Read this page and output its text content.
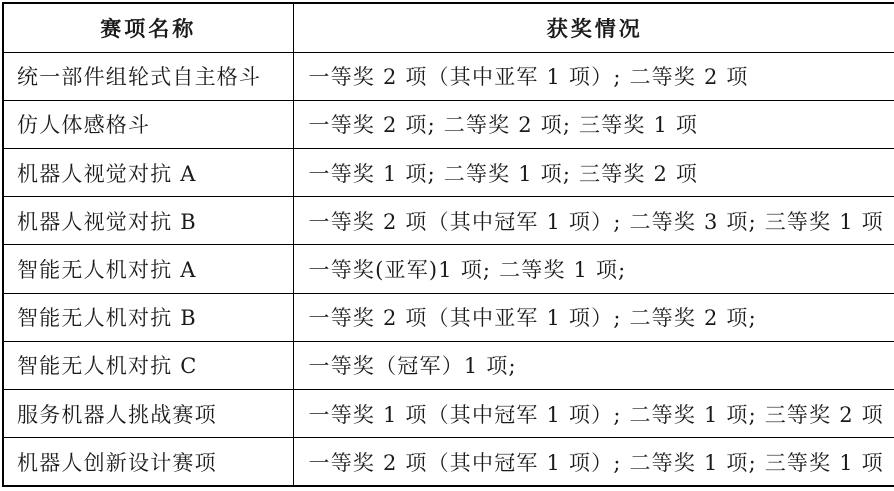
赛项名称	获奖情况
统一部件组轮式自主格斗	一等奖 2 项（其中亚军 1 项）; 二等奖 2 项
仿人体感格斗	一等奖 2 项; 二等奖 2 项; 三等奖 1 项
机器人视觉对抗 A	一等奖 1 项; 二等奖 1 项; 三等奖 2 项
机器人视觉对抗 B	一等奖 2 项（其中冠军 1 项）; 二等奖 3 项; 三等奖 1 项
智能无人机对抗 A	一等奖(亚军)1 项; 二等奖 1 项;
智能无人机对抗 B	一等奖 2 项（其中亚军 1 项）; 二等奖 2 项;
智能无人机对抗 C	一等奖（冠军）1 项;
服务机器人挑战赛项	一等奖 1 项（其中冠军 1 项）; 二等奖 1 项; 三等奖 2 项
机器人创新设计赛项	一等奖 2 项（其中冠军 1 项）; 二等奖 1 项; 三等奖 1 项
